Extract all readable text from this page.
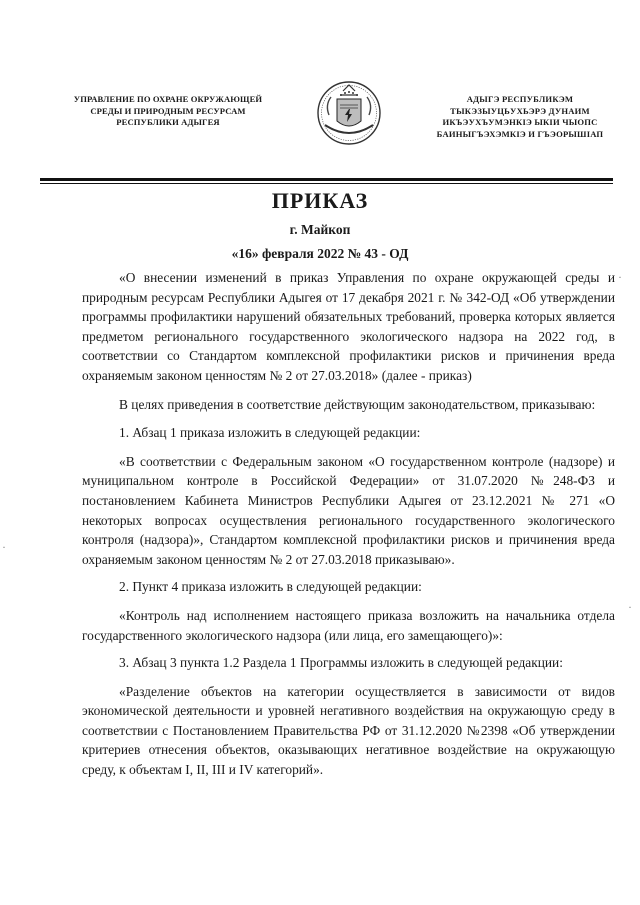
УПРАВЛЕНИЕ ПО ОХРАНЕ ОКРУЖАЮЩЕЙ
СРЕДЫ И ПРИРОДНЫМ РЕСУРСАМ
РЕСПУБЛИКИ АДЫГЕЯ
АДЫГЭ РЕСПУБЛИКЭМ
ТЫКЭЗЫУЦЬУХЬЭРЭ ДУНАИМ
ИКЪЭУХЪУМЭНКІЭ ЫКІИ ЧЫОПС
БАИНЫГЪЭХЭМКІЭ И ГЪЭОРЫШІАП
ПРИКАЗ
г. Майкоп
«16» февраля 2022 № 43 - ОД

«О внесении изменений в приказ Управления по охране окружающей среды и природным ресурсам Республики Адыгея от 17 декабря 2021 г. № 342-ОД «Об утверждении программы профилактики нарушений обязательных требований, проверка которых является предметом регионального государственного экологического надзора на 2022 год, в соответствии со Стандартом комплексной профилактики рисков и причинения вреда охраняемым законом ценностям № 2 от 27.03.2018» (далее - приказ)

В целях приведения в соответствие действующим законодательством, приказываю:

1. Абзац 1 приказа изложить в следующей редакции:

«В соответствии с Федеральным законом «О государственном контроле (надзоре) и муниципальном контроле в Российской Федерации» от 31.07.2020 №248-ФЗ и постановлением Кабинета Министров Республики Адыгея от 23.12.2021 № 271 «О некоторых вопросах осуществления регионального государственного экологического контроля (надзора)», Стандартом комплексной профилактики рисков и причинения вреда охраняемым законом ценностям № 2 от 27.03.2018 приказываю».

2. Пункт 4 приказа изложить в следующей редакции:

«Контроль над исполнением настоящего приказа возложить на начальника отдела государственного экологического надзора (или лица, его замещающего)»:

3. Абзац 3 пункта 1.2 Раздела 1 Программы изложить в следующей редакции:

«Разделение объектов на категории осуществляется в зависимости от видов экономической деятельности и уровней негативного воздействия на окружающую среду в соответствии с Постановлением Правительства РФ от 31.12.2020 №2398 «Об утверждении критериев отнесения объектов, оказывающих негативное воздействие на окружающую среду, к объектам I, II, III и IV категорий».

·
·
·
